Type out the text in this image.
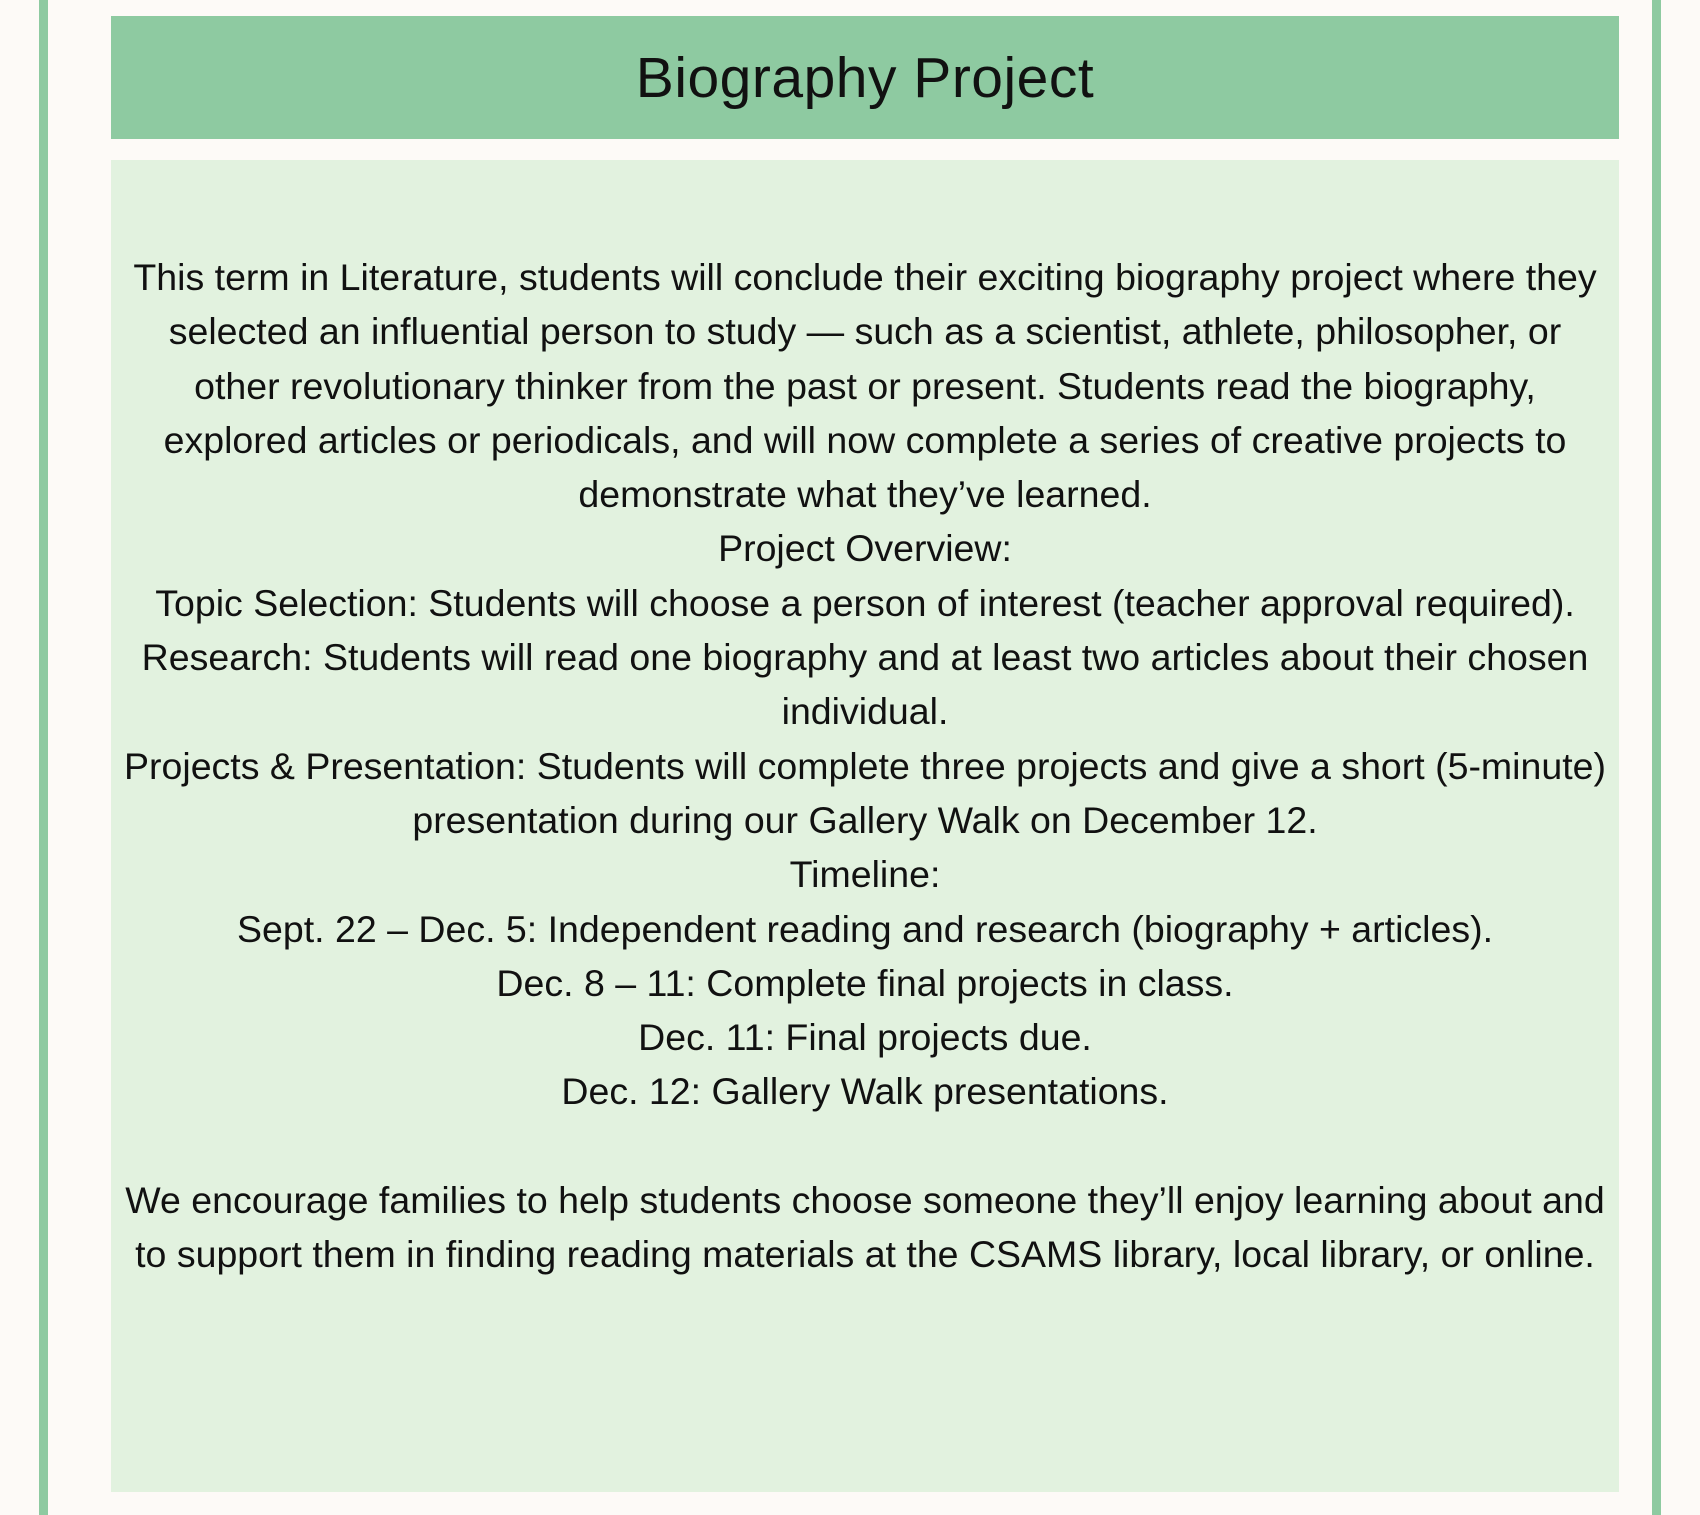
Biography Project

This term in Literature, students will conclude their exciting biography project where they selected an influential person to study — such as a scientist, athlete, philosopher, or other revolutionary thinker from the past or present. Students read the biography, explored articles or periodicals, and will now complete a series of creative projects to demonstrate what they’ve learned.

Project Overview:

Topic Selection: Students will choose a person of interest (teacher approval required).

Research: Students will read one biography and at least two articles about their chosen individual.

Projects & Presentation: Students will complete three projects and give a short (5-minute) presentation during our Gallery Walk on December 12.

Timeline:

Sept. 22 – Dec. 5: Independent reading and research (biography + articles).

Dec. 8 – 11: Complete final projects in class.

Dec. 11: Final projects due.

Dec. 12: Gallery Walk presentations.

We encourage families to help students choose someone they’ll enjoy learning about and to support them in finding reading materials at the CSAMS library, local library, or online.
